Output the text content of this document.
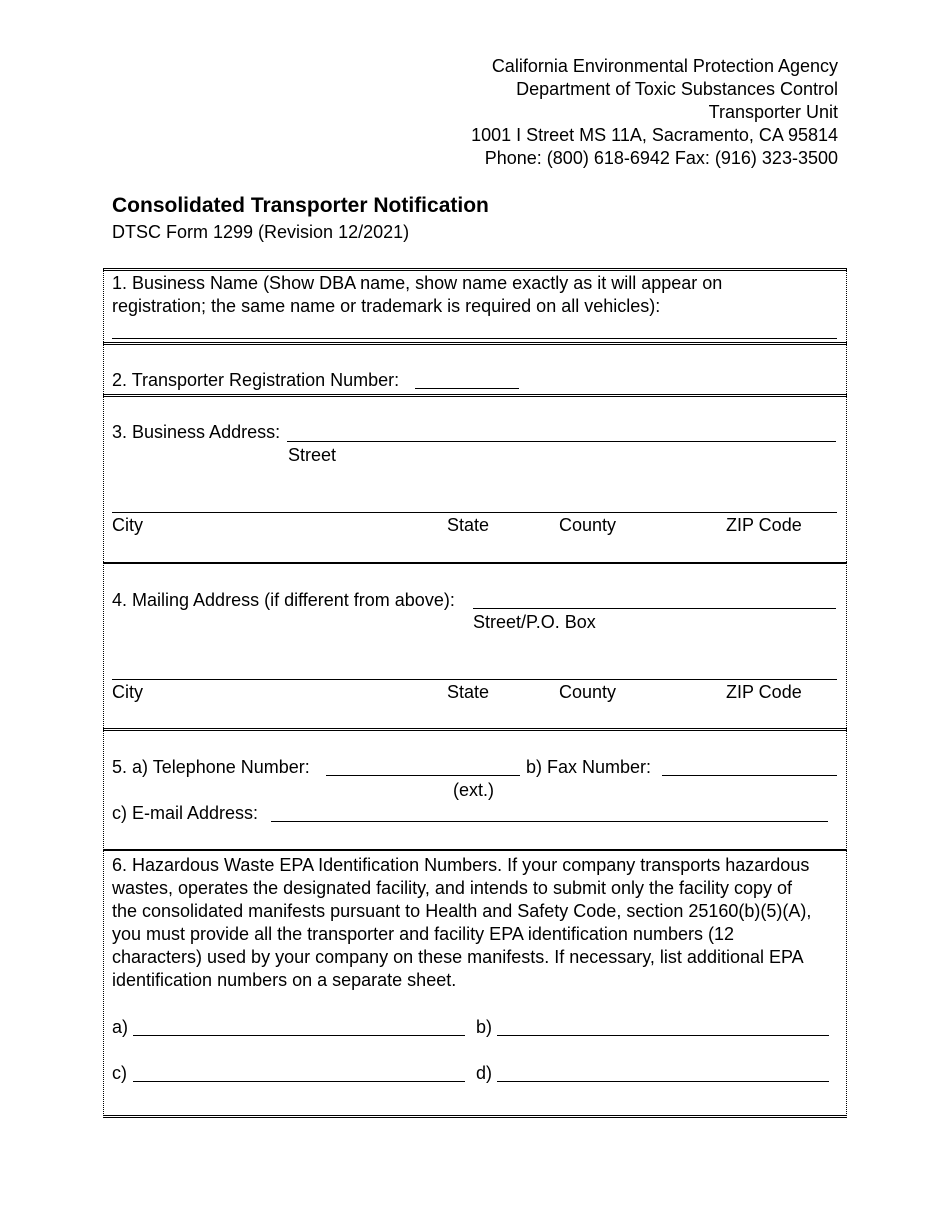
California Environmental Protection Agency
Department of Toxic Substances Control
Transporter Unit
1001 I Street MS 11A, Sacramento, CA 95814
Phone: (800) 618-6942 Fax: (916) 323-3500
Consolidated Transporter Notification
DTSC Form 1299 (Revision 12/2021)
1. Business Name (Show DBA name, show name exactly as it will appear on
registration; the same name or trademark is required on all vehicles):
2. Transporter Registration Number:
3. Business Address:
Street
City	State	County	ZIP Code
4. Mailing Address (if different from above):
Street/P.O. Box
City	State	County	ZIP Code
5. a) Telephone Number:	b) Fax Number:
(ext.)
c) E-mail Address:
6. Hazardous Waste EPA Identification Numbers. If your company transports hazardous
wastes, operates the designated facility, and intends to submit only the facility copy of
the consolidated manifests pursuant to Health and Safety Code, section 25160(b)(5)(A),
you must provide all the transporter and facility EPA identification numbers (12
characters) used by your company on these manifests. If necessary, list additional EPA
identification numbers on a separate sheet.
a)	b)
c)	d)
